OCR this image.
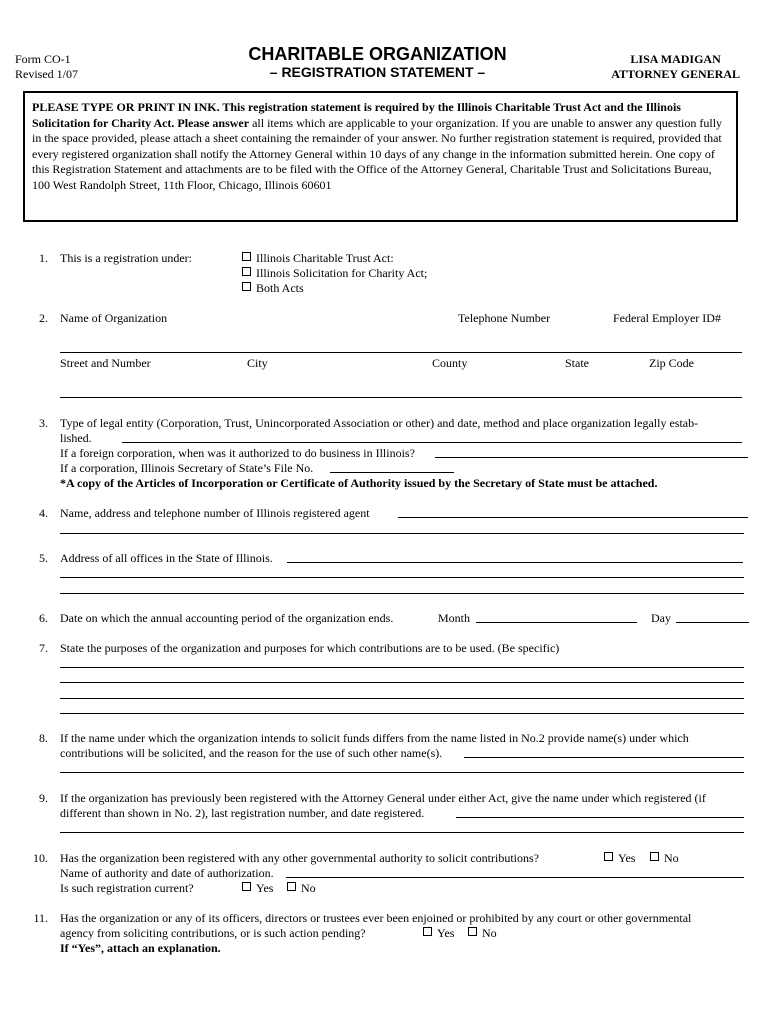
Form CO-1
Revised 1/07
CHARITABLE ORGANIZATION
– REGISTRATION STATEMENT –
LISA MADIGAN
ATTORNEY GENERAL
PLEASE TYPE OR PRINT IN INK. This registration statement is required by the Illinois Charitable Trust Act and the Illinois Solicitation for Charity Act. Please answer all items which are applicable to your organization. If you are unable to answer any question fully in the space provided, please attach a sheet containing the remainder of your answer. No further registration statement is required, provided that every registered organization shall notify the Attorney General within 10 days of any change in the information submitted herein. One copy of this Registration Statement and attachments are to be filed with the Office of the Attorney General, Charitable Trust and Solicitations Bureau, 100 West Randolph Street, 11th Floor, Chicago, Illinois 60601
1. This is a registration under:	Illinois Charitable Trust Act:
Illinois Solicitation for Charity Act;
Both Acts
2. Name of Organization	Telephone Number	Federal Employer ID#
Street and Number	City	County	State	Zip Code
3. Type of legal entity (Corporation, Trust, Unincorporated Association or other) and date, method and place organization legally estab-
lished.
If a foreign corporation, when was it authorized to do business in Illinois?
If a corporation, Illinois Secretary of State’s File No.
*A copy of the Articles of Incorporation or Certificate of Authority issued by the Secretary of State must be attached.
4. Name, address and telephone number of Illinois registered agent
5. Address of all offices in the State of Illinois.
6. Date on which the annual accounting period of the organization ends.	Month	Day
7. State the purposes of the organization and purposes for which contributions are to be used. (Be specific)
8. If the name under which the organization intends to solicit funds differs from the name listed in No.2 provide name(s) under which
contributions will be solicited, and the reason for the use of such other name(s).
9. If the organization has previously been registered with the Attorney General under either Act, give the name under which registered (if
different than shown in No. 2), last registration number, and date registered.
10. Has the organization been registered with any other governmental authority to solicit contributions?	Yes	No
Name of authority and date of authorization.
Is such registration current?	Yes	No
11. Has the organization or any of its officers, directors or trustees ever been enjoined or prohibited by any court or other governmental
agency from soliciting contributions, or is such action pending?	Yes	No
If “Yes”, attach an explanation.
